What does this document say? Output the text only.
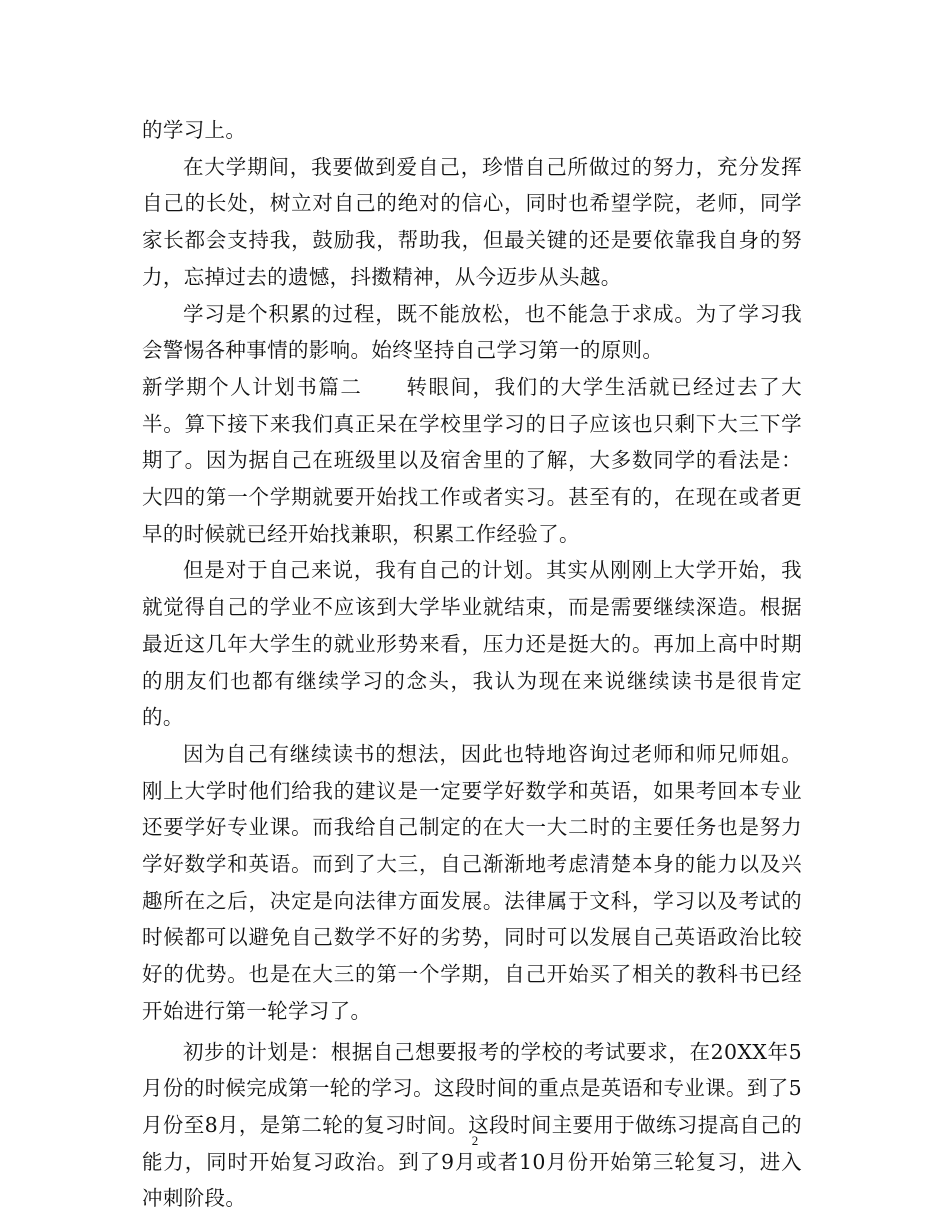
的学习上。

在大学期间，我要做到爱自己，珍惜自己所做过的努力，充分发挥自己的长处，树立对自己的绝对的信心，同时也希望学院，老师，同学家长都会支持我，鼓励我，帮助我，但最关键的还是要依靠我自身的努力，忘掉过去的遗憾，抖擞精神，从今迈步从头越。

学习是个积累的过程，既不能放松，也不能急于求成。为了学习我会警惕各种事情的影响。始终坚持自己学习第一的原则。

新学期个人计划书篇二　　转眼间，我们的大学生活就已经过去了大半。算下接下来我们真正呆在学校里学习的日子应该也只剩下大三下学期了。因为据自己在班级里以及宿舍里的了解，大多数同学的看法是：大四的第一个学期就要开始找工作或者实习。甚至有的，在现在或者更早的时候就已经开始找兼职，积累工作经验了。

但是对于自己来说，我有自己的计划。其实从刚刚上大学开始，我就觉得自己的学业不应该到大学毕业就结束，而是需要继续深造。根据最近这几年大学生的就业形势来看，压力还是挺大的。再加上高中时期的朋友们也都有继续学习的念头，我认为现在来说继续读书是很肯定的。

因为自己有继续读书的想法，因此也特地咨询过老师和师兄师姐。刚上大学时他们给我的建议是一定要学好数学和英语，如果考回本专业还要学好专业课。而我给自己制定的在大一大二时的主要任务也是努力学好数学和英语。而到了大三，自己渐渐地考虑清楚本身的能力以及兴趣所在之后，决定是向法律方面发展。法律属于文科，学习以及考试的时候都可以避免自己数学不好的劣势，同时可以发展自己英语政治比较好的优势。也是在大三的第一个学期，自己开始买了相关的教科书已经开始进行第一轮学习了。

初步的计划是：根据自己想要报考的学校的考试要求，在20XX年5月份的时候完成第一轮的学习。这段时间的重点是英语和专业课。到了5月份至8月，是第二轮的复习时间。这段时间主要用于做练习提高自己的能力，同时开始复习政治。到了9月或者10月份开始第三轮复习，进入冲刺阶段。

2
